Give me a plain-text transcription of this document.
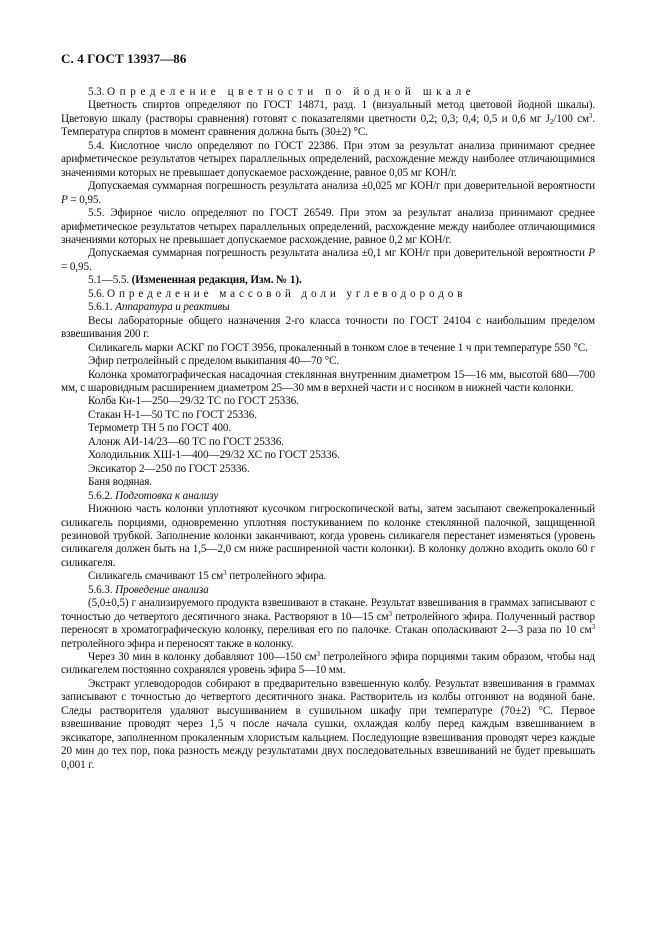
С. 4 ГОСТ 13937—86

5.3. Определение цветности по йодной шкале

Цветность спиртов определяют по ГОСТ 14871, разд. 1 (визуальный метод цветовой йодной шкалы). Цветовую шкалу (растворы сравнения) готовят с показателями цветности 0,2; 0,3; 0,4; 0,5 и 0,6 мг $J_2/100$ $см^3$. Температура спиртов в момент сравнения должна быть (30±2) °С.

5.4. Кислотное число определяют по ГОСТ 22386. При этом за результат анализа принимают среднее арифметическое результатов четырех параллельных определений, расхождение между наиболее отличающимися значениями которых не превышает допускаемое расхождение, равное 0,05 мг КОН/г.

Допускаемая суммарная погрешность результата анализа ±0,025 мг КОН/г при доверительной вероятности P = 0,95.

5.5. Эфирное число определяют по ГОСТ 26549. При этом за результат анализа принимают среднее арифметическое результатов четырех параллельных определений, расхождение между наиболее отличающимися значениями которых не превышает допускаемое расхождение, равное 0,2 мг КОН/г.

Допускаемая суммарная погрешность результата анализа ±0,1 мг КОН/г при доверительной вероятности P = 0,95.

5.1—5.5. (Измененная редакция, Изм. № 1).

5.6. Определение массовой доли углеводородов

5.6.1. Аппаратура и реактивы

Весы лабораторные общего назначения 2-го класса точности по ГОСТ 24104 с наибольшим пределом взвешивания 200 г.

Силикагель марки АСКГ по ГОСТ 3956, прокаленный в тонком слое в течение 1 ч при температуре 550 °С.

Эфир петролейный с пределом выкипания 40—70 °С.

Колонка хроматографическая насадочная стеклянная внутренним диаметром 15—16 мм, высотой 680—700 мм, с шаровидным расширением диаметром 25—30 мм в верхней части и с носиком в нижней части колонки.

Колба Кн-1—250—29/32 ТС по ГОСТ 25336.

Стакан Н-1—50 ТС по ГОСТ 25336.

Термометр ТН 5 по ГОСТ 400.

Алонж АИ-14/23—60 ТС по ГОСТ 25336.

Холодильник ХШ-1—400—29/32 ХС по ГОСТ 25336.

Эксикатор 2—250 по ГОСТ 25336.

Баня водяная.

5.6.2. Подготовка к анализу

Нижнюю часть колонки уплотняют кусочком гигроскопической ваты, затем засыпают свежепрокаленный силикагель порциями, одновременно уплотняя постукиванием по колонке стеклянной палочкой, защищенной резиновой трубкой. Заполнение колонки заканчивают, когда уровень силикагеля перестанет изменяться (уровень силикагеля должен быть на 1,5—2,0 см ниже расширенной части колонки). В колонку должно входить около 60 г силикагеля.

Силикагель смачивают 15 $см^3$ петролейного эфира.

5.6.3. Проведение анализа

(5,0±0,5) г анализируемого продукта взвешивают в стакане. Результат взвешивания в граммах записывают с точностью до четвертого десятичного знака. Растворяют в 10—15 $см^3$ петролейного эфира. Полученный раствор переносят в хроматографическую колонку, переливая его по палочке. Стакан ополаскивают 2—3 раза по 10 $см^3$ петролейного эфира и переносят также в колонку.

Через 30 мин в колонку добавляют 100—150 $см^3$ петролейного эфира порциями таким образом, чтобы над силикагелем постоянно сохранялся уровень эфира 5—10 мм.

Экстракт углеводородов собирают в предварительно взвешенную колбу. Результат взвешивания в граммах записывают с точностью до четвертого десятичного знака. Растворитель из колбы отгоняют на водяной бане. Следы растворителя удаляют высушиванием в сушильном шкафу при температуре (70±2) °С. Первое взвешивание проводят через 1,5 ч после начала сушки, охлаждая колбу перед каждым взвешиванием в эксикаторе, заполненном прокаленным хлористым кальцием. Последующие взвешивания проводят через каждые 20 мин до тех пор, пока разность между результатами двух последовательных взвешиваний не будет превышать 0,001 г.
